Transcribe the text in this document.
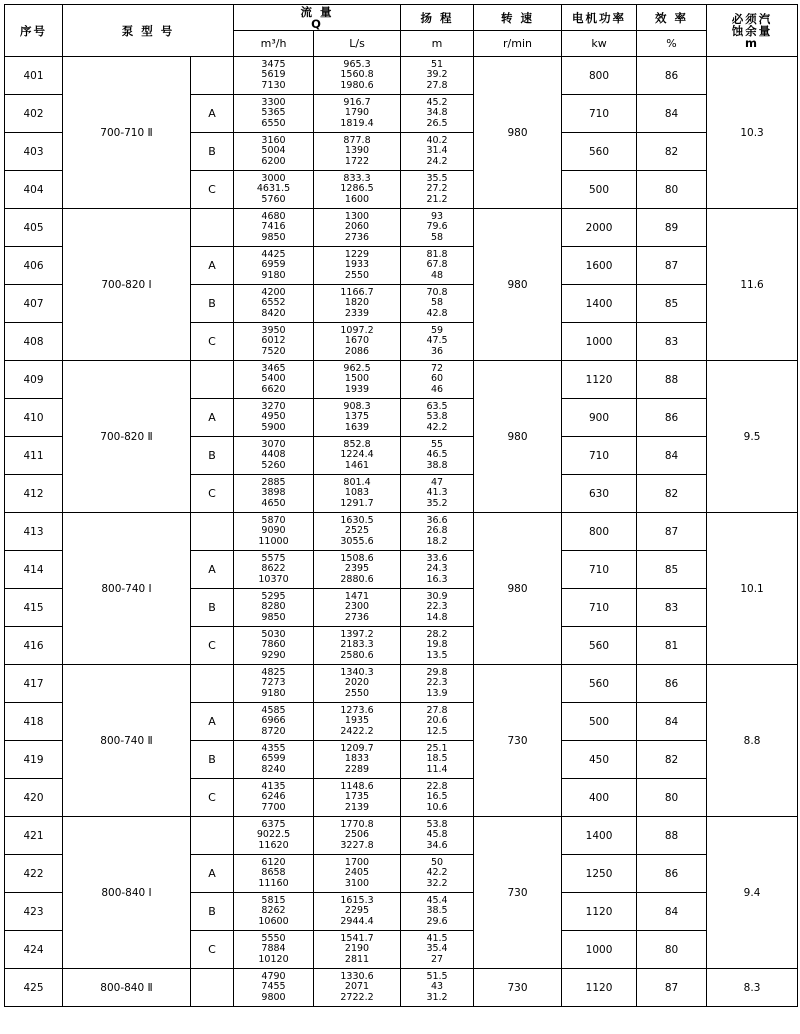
序号	泵 型 号		流 量
Q		扬 程	转 速	电机功率	效 率	必须汽
蚀余量
m

			m³/h	L/s	m	r/min	kw	%	
401	700-710 Ⅱ		3475
5619
7130	965.3
1560.8
1980.6	51
39.2
27.8	980	800	86	10.3
402		A	3300
5365
6550	916.7
1790
1819.4	45.2
34.8
26.5		710	84	
403		B	3160
5004
6200	877.8
1390
1722	40.2
31.4
24.2		560	82	
404		C	3000
4631.5
5760	833.3
1286.5
1600	35.5
27.2
21.2		500	80	
405	700-820 Ⅰ		4680
7416
9850	1300
2060
2736	93
79.6
58	980	2000	89	11.6
406		A	4425
6959
9180	1229
1933
2550	81.8
67.8
48		1600	87	
407		B	4200
6552
8420	1166.7
1820
2339	70.8
58
42.8		1400	85	
408		C	3950
6012
7520	1097.2
1670
2086	59
47.5
36		1000	83	
409	700-820 Ⅱ		3465
5400
6620	962.5
1500
1939	72
60
46	980	1120	88	9.5
410		A	3270
4950
5900	908.3
1375
1639	63.5
53.8
42.2		900	86	
411		B	3070
4408
5260	852.8
1224.4
1461	55
46.5
38.8		710	84	
412		C	2885
3898
4650	801.4
1083
1291.7	47
41.3
35.2		630	82	
413	800-740 Ⅰ		5870
9090
11000	1630.5
2525
3055.6	36.6
26.8
18.2	980	800	87	10.1
414		A	5575
8622
10370	1508.6
2395
2880.6	33.6
24.3
16.3		710	85	
415		B	5295
8280
9850	1471
2300
2736	30.9
22.3
14.8		710	83	
416		C	5030
7860
9290	1397.2
2183.3
2580.6	28.2
19.8
13.5		560	81	
417	800-740 Ⅱ		4825
7273
9180	1340.3
2020
2550	29.8
22.3
13.9	730	560	86	8.8
418		A	4585
6966
8720	1273.6
1935
2422.2	27.8
20.6
12.5		500	84	
419		B	4355
6599
8240	1209.7
1833
2289	25.1
18.5
11.4		450	82	
420		C	4135
6246
7700	1148.6
1735
2139	22.8
16.5
10.6		400	80	
421	800-840 Ⅰ		6375
9022.5
11620	1770.8
2506
3227.8	53.8
45.8
34.6	730	1400	88	9.4
422		A	6120
8658
11160	1700
2405
3100	50
42.2
32.2		1250	86	
423		B	5815
8262
10600	1615.3
2295
2944.4	45.4
38.5
29.6		1120	84	
424		C	5550
7884
10120	1541.7
2190
2811	41.5
35.4
27		1000	80	
425	800-840 Ⅱ		4790
7455
9800	1330.6
2071
2722.2	51.5
43
31.2	730	1120	87	8.3
